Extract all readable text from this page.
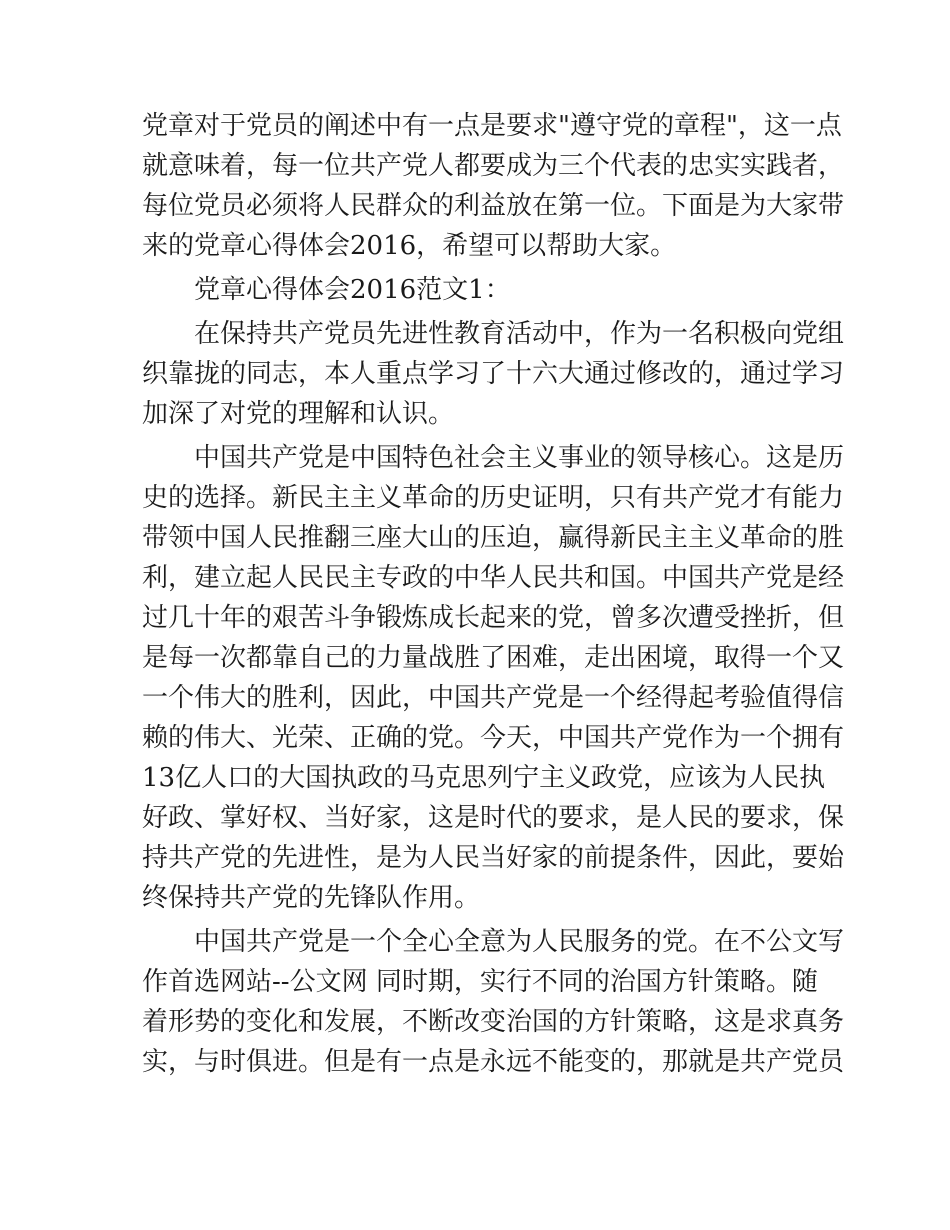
党章对于党员的阐述中有一点是要求"遵守党的章程"，这一点
就意味着，每一位共产党人都要成为三个代表的忠实实践者，
每位党员必须将人民群众的利益放在第一位。下面是为大家带
来的党章心得体会2016，希望可以帮助大家。
党章心得体会2016范文1：
在保持共产党员先进性教育活动中，作为一名积极向党组
织靠拢的同志，本人重点学习了十六大通过修改的，通过学习
加深了对党的理解和认识。
中国共产党是中国特色社会主义事业的领导核心。这是历
史的选择。新民主主义革命的历史证明，只有共产党才有能力
带领中国人民推翻三座大山的压迫，赢得新民主主义革命的胜
利，建立起人民民主专政的中华人民共和国。中国共产党是经
过几十年的艰苦斗争锻炼成长起来的党，曾多次遭受挫折，但
是每一次都靠自己的力量战胜了困难，走出困境，取得一个又
一个伟大的胜利，因此，中国共产党是一个经得起考验值得信
赖的伟大、光荣、正确的党。今天，中国共产党作为一个拥有
13亿人口的大国执政的马克思列宁主义政党，应该为人民执
好政、掌好权、当好家，这是时代的要求，是人民的要求，保
持共产党的先进性，是为人民当好家的前提条件，因此，要始
终保持共产党的先锋队作用。
中国共产党是一个全心全意为人民服务的党。在不公文写
作首选网站--公文网 同时期，实行不同的治国方针策略。随
着形势的变化和发展，不断改变治国的方针策略，这是求真务
实，与时俱进。但是有一点是永远不能变的，那就是共产党员
